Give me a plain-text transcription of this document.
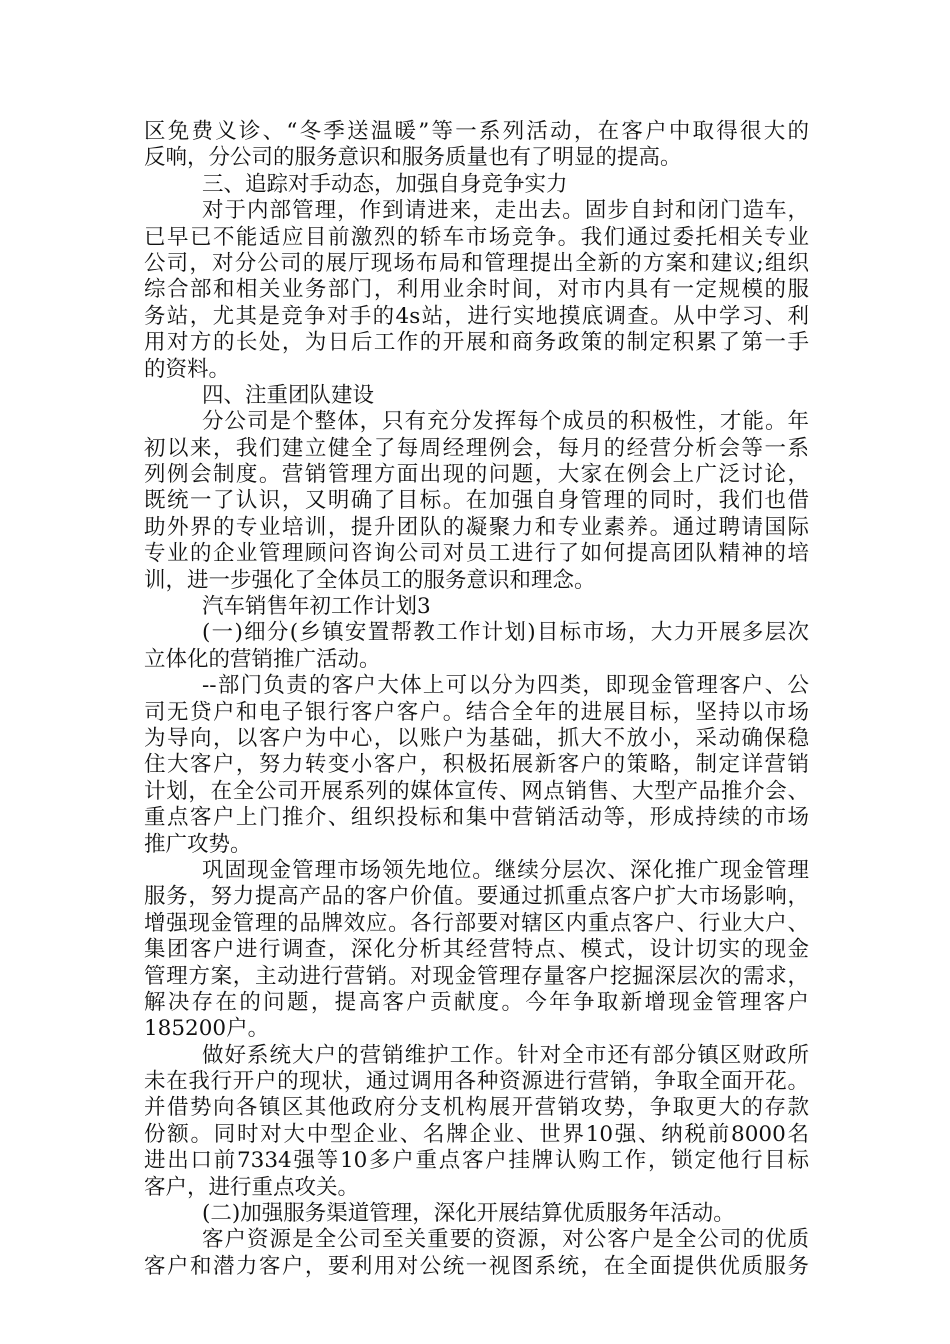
区免费义诊、“冬季送温暖”等一系列活动，在客户中取得很大的
反响，分公司的服务意识和服务质量也有了明显的提高。
三、追踪对手动态，加强自身竞争实力
对于内部管理，作到请进来，走出去。固步自封和闭门造车，
已早已不能适应目前激烈的轿车市场竞争。我们通过委托相关专业
公司，对分公司的展厅现场布局和管理提出全新的方案和建议;组织
综合部和相关业务部门，利用业余时间，对市内具有一定规模的服
务站，尤其是竞争对手的4s站，进行实地摸底调查。从中学习、利
用对方的长处，为日后工作的开展和商务政策的制定积累了第一手
的资料。
四、注重团队建设
分公司是个整体，只有充分发挥每个成员的积极性，才能。年
初以来，我们建立健全了每周经理例会，每月的经营分析会等一系
列例会制度。营销管理方面出现的问题，大家在例会上广泛讨论，
既统一了认识，又明确了目标。在加强自身管理的同时，我们也借
助外界的专业培训，提升团队的凝聚力和专业素养。通过聘请国际
专业的企业管理顾问咨询公司对员工进行了如何提高团队精神的培
训，进一步强化了全体员工的服务意识和理念。
汽车销售年初工作计划3
(一)细分(乡镇安置帮教工作计划)目标市场，大力开展多层次
立体化的营销推广活动。
--部门负责的客户大体上可以分为四类，即现金管理客户、公
司无贷户和电子银行客户客户。结合全年的进展目标，坚持以市场
为导向，以客户为中心，以账户为基础，抓大不放小，采动确保稳
住大客户，努力转变小客户，积极拓展新客户的策略，制定详营销
计划，在全公司开展系列的媒体宣传、网点销售、大型产品推介会、
重点客户上门推介、组织投标和集中营销活动等，形成持续的市场
推广攻势。
巩固现金管理市场领先地位。继续分层次、深化推广现金管理
服务，努力提高产品的客户价值。要通过抓重点客户扩大市场影响，
增强现金管理的品牌效应。各行部要对辖区内重点客户、行业大户、
集团客户进行调查，深化分析其经营特点、模式，设计切实的现金
管理方案，主动进行营销。对现金管理存量客户挖掘深层次的需求，
解决存在的问题，提高客户贡献度。今年争取新增现金管理客户
185200户。
做好系统大户的营销维护工作。针对全市还有部分镇区财政所
未在我行开户的现状，通过调用各种资源进行营销，争取全面开花。
并借势向各镇区其他政府分支机构展开营销攻势，争取更大的存款
份额。同时对大中型企业、名牌企业、世界10强、纳税前8000名
进出口前7334强等10多户重点客户挂牌认购工作，锁定他行目标
客户，进行重点攻关。
(二)加强服务渠道管理，深化开展结算优质服务年活动。
客户资源是全公司至关重要的资源，对公客户是全公司的优质
客户和潜力客户，要利用对公统一视图系统，在全面提供优质服务
